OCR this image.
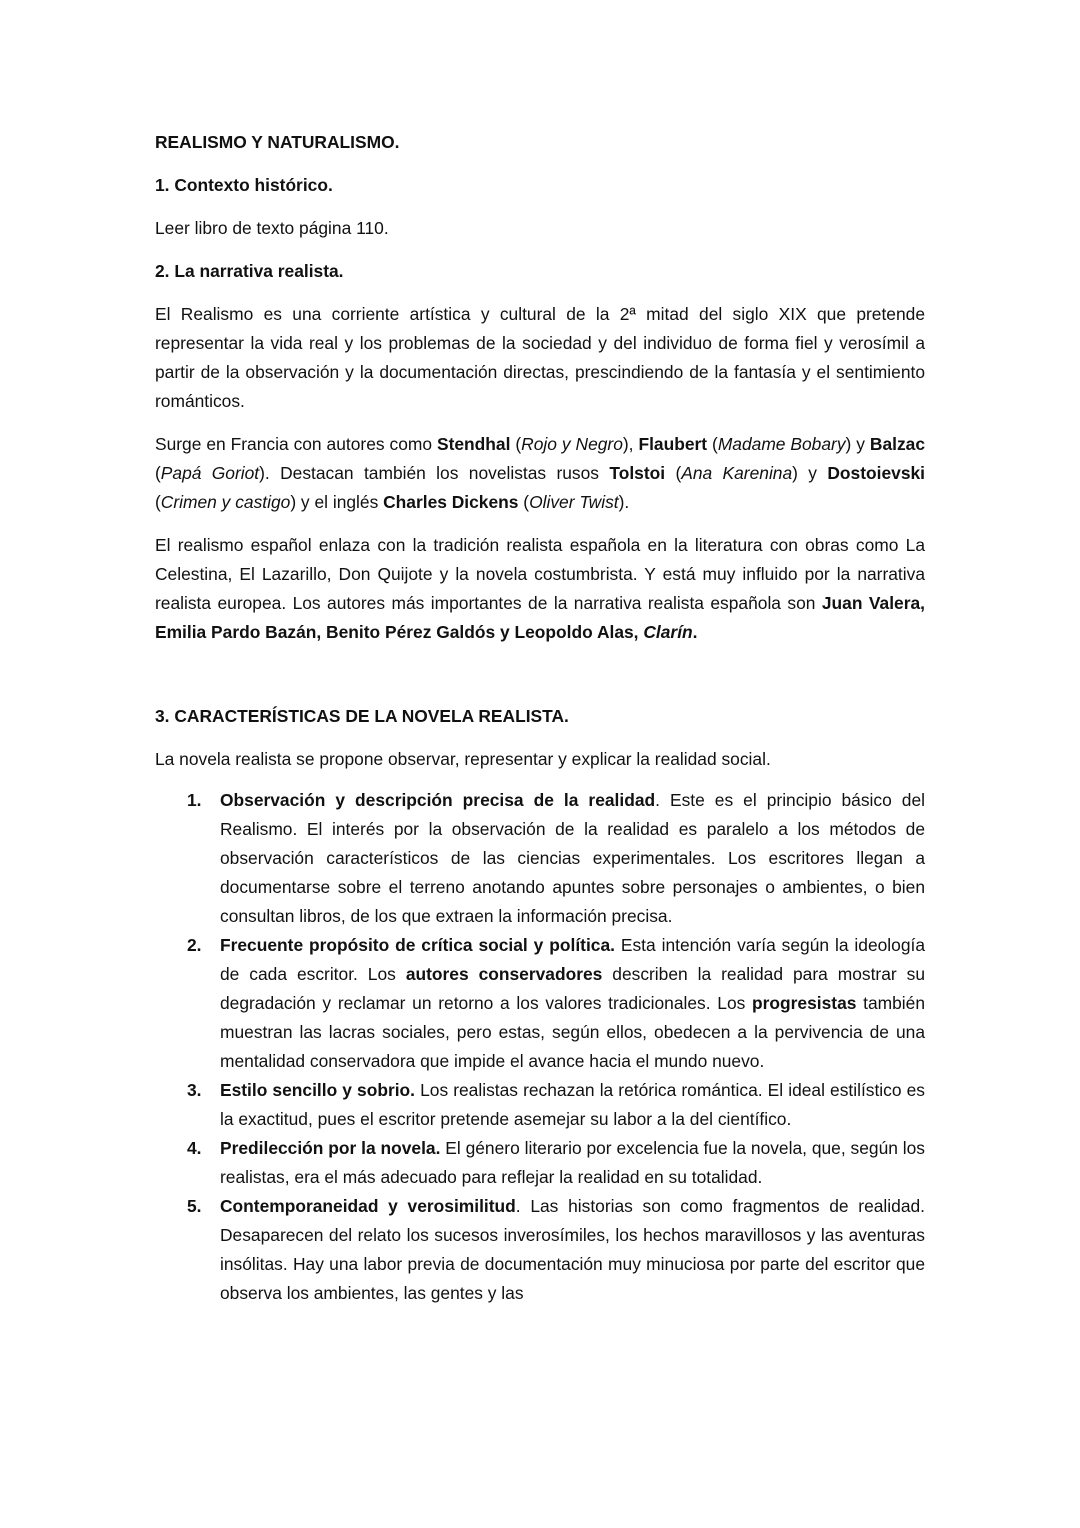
REALISMO Y NATURALISMO.

1. Contexto histórico.

Leer libro de texto página 110.

2. La narrativa realista.

El Realismo es una corriente artística y cultural de la 2ª mitad del siglo XIX que pretende representar la vida real y los problemas de la sociedad y del individuo de forma fiel y verosímil a partir de la observación y la documentación directas, prescindiendo de la fantasía y el sentimiento románticos.

Surge en Francia con autores como Stendhal (Rojo y Negro), Flaubert (Madame Bobary) y Balzac (Papá Goriot). Destacan también los novelistas rusos Tolstoi (Ana Karenina) y Dostoievski (Crimen y castigo) y el inglés Charles Dickens (Oliver Twist).

El realismo español enlaza con la tradición realista española en la literatura con obras como La Celestina, El Lazarillo, Don Quijote y la novela costumbrista. Y está muy influido por la narrativa realista europea. Los autores más importantes de la narrativa realista española son Juan Valera, Emilia Pardo Bazán, Benito Pérez Galdós y Leopoldo Alas, Clarín.

3. CARACTERÍSTICAS DE LA NOVELA REALISTA.

La novela realista se propone observar, representar y explicar la realidad social.

1. Observación y descripción precisa de la realidad. Este es el principio básico del Realismo. El interés por la observación de la realidad es paralelo a los métodos de observación característicos de las ciencias experimentales. Los escritores llegan a documentarse sobre el terreno anotando apuntes sobre personajes o ambientes, o bien consultan libros, de los que extraen la información precisa.
2. Frecuente propósito de crítica social y política. Esta intención varía según la ideología de cada escritor. Los autores conservadores describen la realidad para mostrar su degradación y reclamar un retorno a los valores tradicionales. Los progresistas también muestran las lacras sociales, pero estas, según ellos, obedecen a la pervivencia de una mentalidad conservadora que impide el avance hacia el mundo nuevo.
3. Estilo sencillo y sobrio. Los realistas rechazan la retórica romántica. El ideal estilístico es la exactitud, pues el escritor pretende asemejar su labor a la del científico.
4. Predilección por la novela. El género literario por excelencia fue la novela, que, según los realistas, era el más adecuado para reflejar la realidad en su totalidad.
5. Contemporaneidad y verosimilitud. Las historias son como fragmentos de realidad. Desaparecen del relato los sucesos inverosímiles, los hechos maravillosos y las aventuras insólitas. Hay una labor previa de documentación muy minuciosa por parte del escritor que observa los ambientes, las gentes y las
